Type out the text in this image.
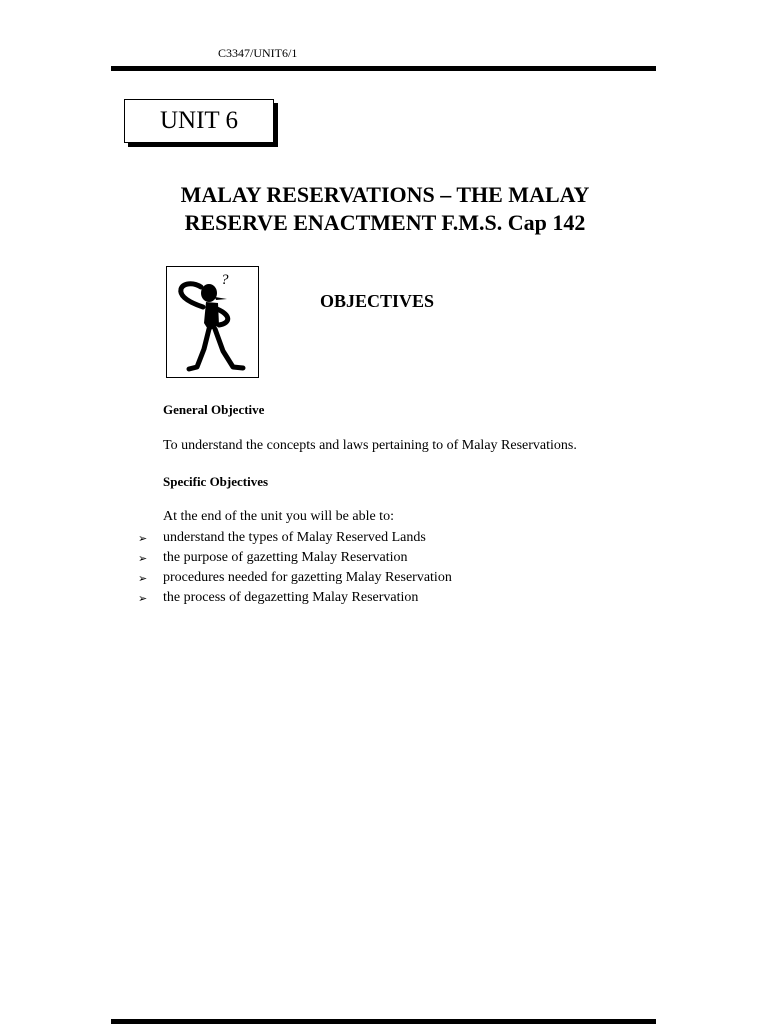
C3347/UNIT6/1
UNIT 6
MALAY RESERVATIONS – THE MALAY
RESERVE ENACTMENT F.M.S. Cap 142
?
OBJECTIVES
General Objective
To understand the concepts and laws pertaining to of Malay Reservations.
Specific Objectives
At the end of the unit you will be able to:
➢	understand the types of Malay Reserved Lands
➢	the purpose of gazetting Malay Reservation
➢	procedures needed for gazetting Malay Reservation
➢	the process of degazetting Malay Reservation
